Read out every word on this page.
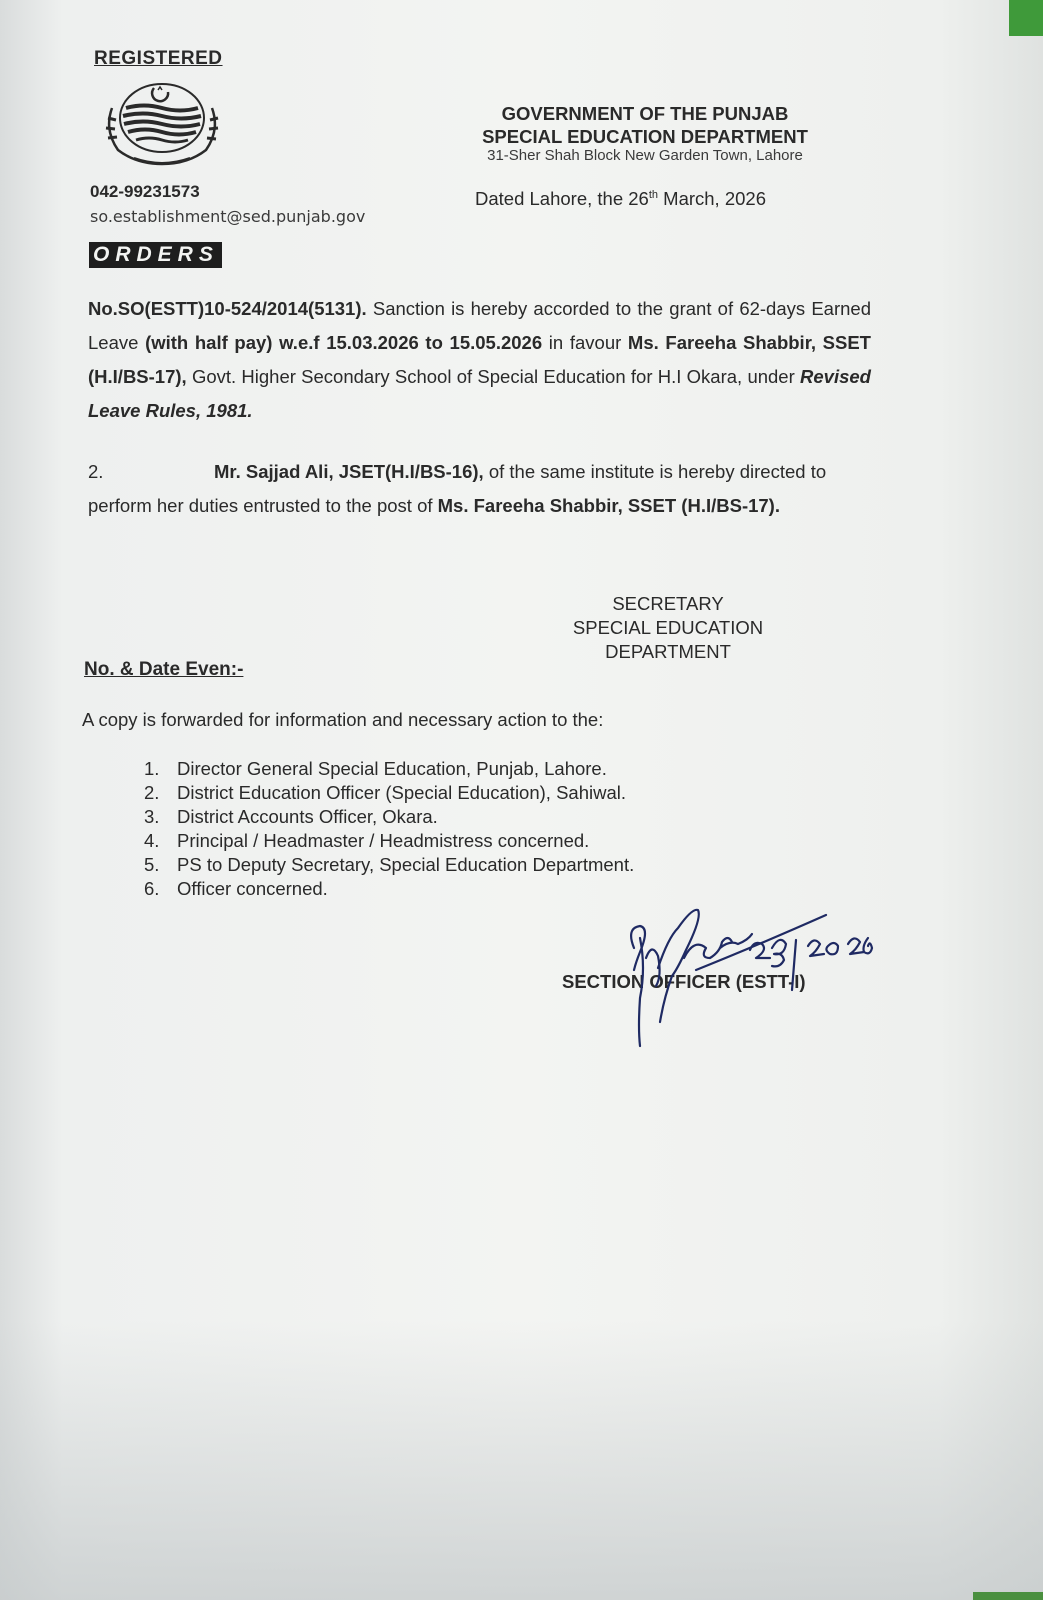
REGISTERED
042-99231573
so.establishment@sed.punjab.gov
GOVERNMENT OF THE PUNJAB
SPECIAL EDUCATION DEPARTMENT
31-Sher Shah Block New Garden Town, Lahore
Dated Lahore, the 26th March, 2026
ORDERS
No.SO(ESTT)10-524/2014(5131). Sanction is hereby accorded to the grant of 62-days Earned Leave (with half pay) w.e.f 15.03.2026 to 15.05.2026 in favour Ms. Fareeha Shabbir, SSET (H.I/BS-17), Govt. Higher Secondary School of Special Education for H.I Okara, under Revised Leave Rules, 1981.
2.	Mr. Sajjad Ali, JSET(H.I/BS-16), of the same institute is hereby directed to perform her duties entrusted to the post of Ms. Fareeha Shabbir, SSET (H.I/BS-17).
SECRETARY
SPECIAL EDUCATION
DEPARTMENT
No. & Date Even:-
A copy is forwarded for information and necessary action to the:
1. Director General Special Education, Punjab, Lahore.
2. District Education Officer (Special Education), Sahiwal.
3. District Accounts Officer, Okara.
4. Principal / Headmaster / Headmistress concerned.
5. PS to Deputy Secretary, Special Education Department.
6. Officer concerned.
SECTION OFFICER (ESTT-I)
